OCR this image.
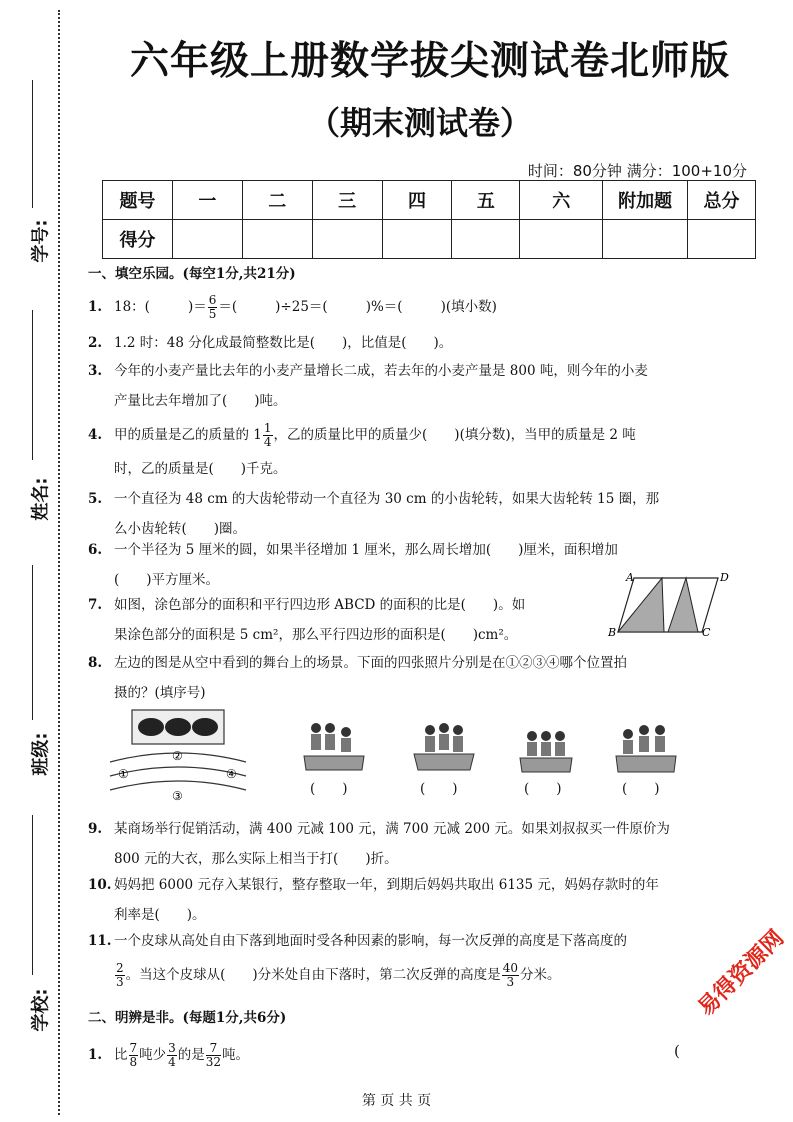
学号:
姓名:
班级:
学校:
六年级上册数学拔尖测试卷北师版
（期末测试卷）
时间：80分钟 满分：100+10分
题号	一	二	三	四	五	六	附加题	总分
得分								
一、填空乐园。(每空1分,共21分)
1. 18：(	)＝ $\frac{6}{5}$ ＝(	)÷25＝(	)%＝(	)(填小数)
2. 1.2 时：48 分化成最简整数比是(　　)，比值是(　　)。
3. 今年的小麦产量比去年的小麦产量增长二成，若去年的小麦产量是 800 吨，则今年的小麦
产量比去年增加了(　　)吨。
4. 甲的质量是乙的质量的 $1 \frac{1}{4}$ ，乙的质量比甲的质量少(　　)(填分数)，当甲的质量是 2 吨
时，乙的质量是(　　)千克。
5. 一个直径为 48 cm 的大齿轮带动一个直径为 30 cm 的小齿轮转，如果大齿轮转 15 圈，那
么小齿轮转(　　)圈。
6. 一个半径为 5 厘米的圆，如果半径增加 1 厘米，那么周长增加(　　)厘米，面积增加
(　　)平方厘米。
7. 如图，涂色部分的面积和平行四边形 ABCD 的面积的比是(　　)。如
果涂色部分的面积是 5 cm²，那么平行四边形的面积是(　　)cm²。
A	D
B	C
8. 左边的图是从空中看到的舞台上的场景。下面的四张照片分别是在①②③④哪个位置拍
摄的？(填序号)
②
①	④
③	(　　)	(　　)	(　　)	(　　)
9. 某商场举行促销活动，满 400 元减 100 元，满 700 元减 200 元。如果刘叔叔买一件原价为
800 元的大衣，那么实际上相当于打(　　)折。
10. 妈妈把 6000 元存入某银行，整存整取一年，到期后妈妈共取出 6135 元，妈妈存款时的年
利率是(　　)。
11. 一个皮球从高处自由下落到地面时受各种因素的影响，每一次反弹的高度是下落高度的
$\frac{2}{3}$ 。当这个皮球从(　　)分米处自由下落时，第二次反弹的高度是 $\frac{40}{3}$ 分米。
二、明辨是非。(每题1分,共6分)
1. 比 $\frac{7}{8}$ 吨少 $\frac{3}{4}$ 的是 $\frac{7}{32}$ 吨。	(
易得资源网
第 页 共 页
